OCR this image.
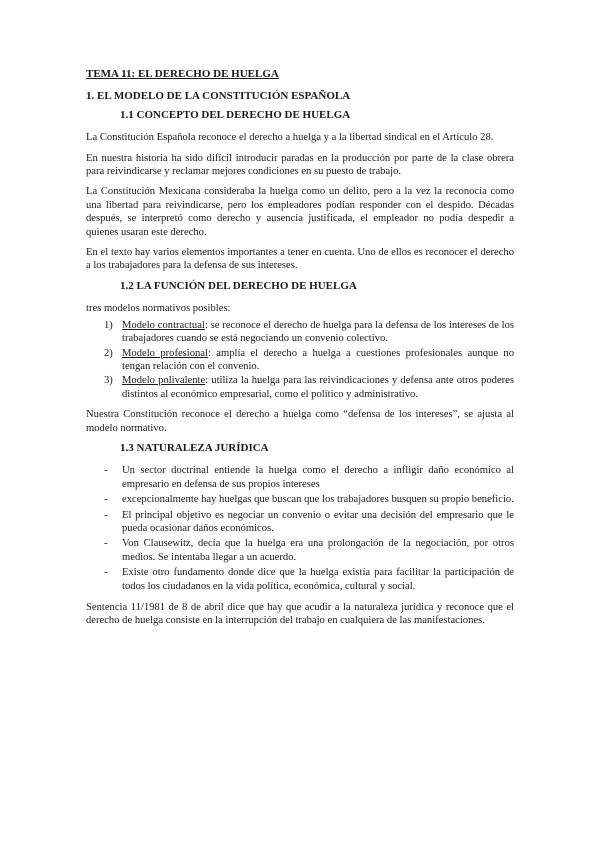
TEMA 11: EL DERECHO DE HUELGA
1. EL MODELO DE LA CONSTITUCIÓN ESPAÑOLA
1.1 CONCEPTO DEL DERECHO DE HUELGA

La Constitución Española reconoce el derecho a huelga y a la libertad sindical en el Artículo 28.

En nuestra historia ha sido difícil introducir paradas en la producción por parte de la clase obrera para reivindicarse y reclamar mejores condiciones en su puesto de trabajo.

La Constitución Mexicana consideraba la huelga como un delito, pero a la vez la reconocía como una libertad para reivindicarse, pero los empleadores podían responder con el despido. Décadas después, se interpretó como derecho y ausencia justificada, el empleador no podía despedir a quienes usaran este derecho.

En el texto hay varios elementos importantes a tener en cuenta. Uno de ellos es reconocer el derecho a los trabajadores para la defensa de sus intereses.

1.2 LA FUNCIÓN DEL DERECHO DE HUELGA

tres modelos normativos posibles:

1) Modelo contractual: se reconoce el derecho de huelga para la defensa de los intereses de los trabajadores cuando se está negociando un convenio colectivo.
2) Modelo profesional: amplía el derecho a huelga a cuestiones profesionales aunque no tengan relación con el convenio.
3) Modelo polivalente: utiliza la huelga para las reivindicaciones y defensa ante otros poderes distintos al económico empresarial, como el político y administrativo.

Nuestra Constitución reconoce el derecho a huelga como “defensa de los intereses”, se ajusta al modelo normativo.

1.3 NATURALEZA JURÍDICA
- Un sector doctrinal entiende la huelga como el derecho a infligir daño económico al empresario en defensa de sus propios intereses
- excepcionalmente hay huelgas que buscan que los trabajadores busquen su propio beneficio.
- El principal objetivo es negociar un convenio o evitar una decisión del empresario que le pueda ocasionar daños económicos.
- Von Clausewitz, decía que la huelga era una prolongación de la negociación, por otros medios. Se intentaba llegar a un acuerdo.
- Existe otro fundamento donde dice que la huelga existía para facilitar la participación de todos los ciudadanos en la vida política, económica, cultural y social.

Sentencia 11/1981 de 8 de abril dice que hay que acudir a la naturaleza jurídica y reconoce que el derecho de huelga consiste en la interrupción del trabajo en cualquiera de las manifestaciones.
